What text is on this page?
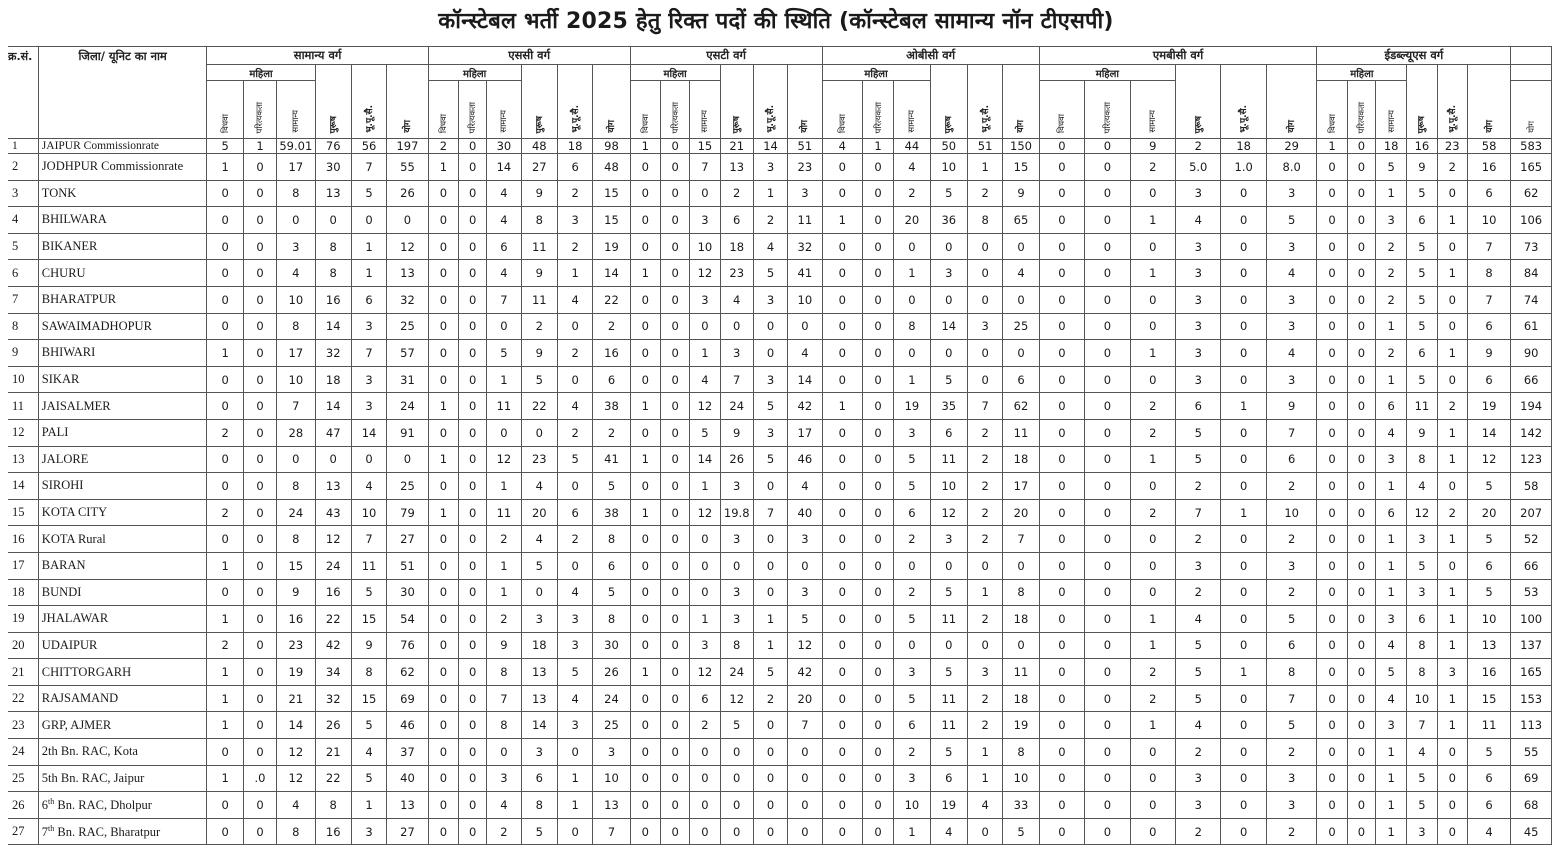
कॉन्स्टेबल भर्ती 2025 हेतु रिक्त पदों की स्थिति (कॉन्स्टेबल सामान्य नॉन टीएसपी)
क्र.सं.	जिला/ यूनिट का नाम	सामान्य वर्ग						एससी वर्ग						एसटी वर्ग						ओबीसी वर्ग						एमबीसी वर्ग						ईडब्ल्यूएस वर्ग						
		महिला						महिला						महिला						महिला						महिला						महिला						
		विधवा	परित्यकता	सामान्य	पुरूष	भू.पू.सै.	योग	विधवा	परित्यकता	सामान्य	पुरूष	भू.पू.सै.	योग	विधवा	परित्यकता	सामान्य	पुरूष	भू.पू.सै.	योग	विधवा	परित्यकता	सामान्य	पुरूष	भू.पू.सै.	योग	विधवा	परित्यकता	सामान्य	पुरूष	भू.पू.सै.	योग	विधवा	परित्यकता	सामान्य	पुरूष	भू.पू.सै.	योग	योग
1	JAIPUR Commissionrate	5	1	59.01	76	56	197	2	0	30	48	18	98	1	0	15	21	14	51	4	1	44	50	51	150	0	0	9	2	18	29	1	0	18	16	23	58	583
2	JODHPUR Commissionrate	1	0	17	30	7	55	1	0	14	27	6	48	0	0	7	13	3	23	0	0	4	10	1	15	0	0	2	5.0	1.0	8.0	0	0	5	9	2	16	165
3	TONK	0	0	8	13	5	26	0	0	4	9	2	15	0	0	0	2	1	3	0	0	2	5	2	9	0	0	0	3	0	3	0	0	1	5	0	6	62
4	BHILWARA	0	0	0	0	0	0	0	0	4	8	3	15	0	0	3	6	2	11	1	0	20	36	8	65	0	0	1	4	0	5	0	0	3	6	1	10	106
5	BIKANER	0	0	3	8	1	12	0	0	6	11	2	19	0	0	10	18	4	32	0	0	0	0	0	0	0	0	0	3	0	3	0	0	2	5	0	7	73
6	CHURU	0	0	4	8	1	13	0	0	4	9	1	14	1	0	12	23	5	41	0	0	1	3	0	4	0	0	1	3	0	4	0	0	2	5	1	8	84
7	BHARATPUR	0	0	10	16	6	32	0	0	7	11	4	22	0	0	3	4	3	10	0	0	0	0	0	0	0	0	0	3	0	3	0	0	2	5	0	7	74
8	SAWAIMADHOPUR	0	0	8	14	3	25	0	0	0	2	0	2	0	0	0	0	0	0	0	0	8	14	3	25	0	0	0	3	0	3	0	0	1	5	0	6	61
9	BHIWARI	1	0	17	32	7	57	0	0	5	9	2	16	0	0	1	3	0	4	0	0	0	0	0	0	0	0	1	3	0	4	0	0	2	6	1	9	90
10	SIKAR	0	0	10	18	3	31	0	0	1	5	0	6	0	0	4	7	3	14	0	0	1	5	0	6	0	0	0	3	0	3	0	0	1	5	0	6	66
11	JAISALMER	0	0	7	14	3	24	1	0	11	22	4	38	1	0	12	24	5	42	1	0	19	35	7	62	0	0	2	6	1	9	0	0	6	11	2	19	194
12	PALI	2	0	28	47	14	91	0	0	0	0	2	2	0	0	5	9	3	17	0	0	3	6	2	11	0	0	2	5	0	7	0	0	4	9	1	14	142
13	JALORE	0	0	0	0	0	0	1	0	12	23	5	41	1	0	14	26	5	46	0	0	5	11	2	18	0	0	1	5	0	6	0	0	3	8	1	12	123
14	SIROHI	0	0	8	13	4	25	0	0	1	4	0	5	0	0	1	3	0	4	0	0	5	10	2	17	0	0	0	2	0	2	0	0	1	4	0	5	58
15	KOTA CITY	2	0	24	43	10	79	1	0	11	20	6	38	1	0	12	19.8	7	40	0	0	6	12	2	20	0	0	2	7	1	10	0	0	6	12	2	20	207
16	KOTA Rural	0	0	8	12	7	27	0	0	2	4	2	8	0	0	0	3	0	3	0	0	2	3	2	7	0	0	0	2	0	2	0	0	1	3	1	5	52
17	BARAN	1	0	15	24	11	51	0	0	1	5	0	6	0	0	0	0	0	0	0	0	0	0	0	0	0	0	0	3	0	3	0	0	1	5	0	6	66
18	BUNDI	0	0	9	16	5	30	0	0	1	0	4	5	0	0	0	3	0	3	0	0	2	5	1	8	0	0	0	2	0	2	0	0	1	3	1	5	53
19	JHALAWAR	1	0	16	22	15	54	0	0	2	3	3	8	0	0	1	3	1	5	0	0	5	11	2	18	0	0	1	4	0	5	0	0	3	6	1	10	100
20	UDAIPUR	2	0	23	42	9	76	0	0	9	18	3	30	0	0	3	8	1	12	0	0	0	0	0	0	0	0	1	5	0	6	0	0	4	8	1	13	137
21	CHITTORGARH	1	0	19	34	8	62	0	0	8	13	5	26	1	0	12	24	5	42	0	0	3	5	3	11	0	0	2	5	1	8	0	0	5	8	3	16	165
22	RAJSAMAND	1	0	21	32	15	69	0	0	7	13	4	24	0	0	6	12	2	20	0	0	5	11	2	18	0	0	2	5	0	7	0	0	4	10	1	15	153
23	GRP, AJMER	1	0	14	26	5	46	0	0	8	14	3	25	0	0	2	5	0	7	0	0	6	11	2	19	0	0	1	4	0	5	0	0	3	7	1	11	113
24	2th Bn. RAC, Kota	0	0	12	21	4	37	0	0	0	3	0	3	0	0	0	0	0	0	0	0	2	5	1	8	0	0	0	2	0	2	0	0	1	4	0	5	55
25	5th Bn. RAC, Jaipur	1	.0	12	22	5	40	0	0	3	6	1	10	0	0	0	0	0	0	0	0	3	6	1	10	0	0	0	3	0	3	0	0	1	5	0	6	69
26	6th Bn. RAC, Dholpur	0	0	4	8	1	13	0	0	4	8	1	13	0	0	0	0	0	0	0	0	10	19	4	33	0	0	0	3	0	3	0	0	1	5	0	6	68
27	7th Bn. RAC, Bharatpur	0	0	8	16	3	27	0	0	2	5	0	7	0	0	0	0	0	0	0	0	1	4	0	5	0	0	0	2	0	2	0	0	1	3	0	4	45
